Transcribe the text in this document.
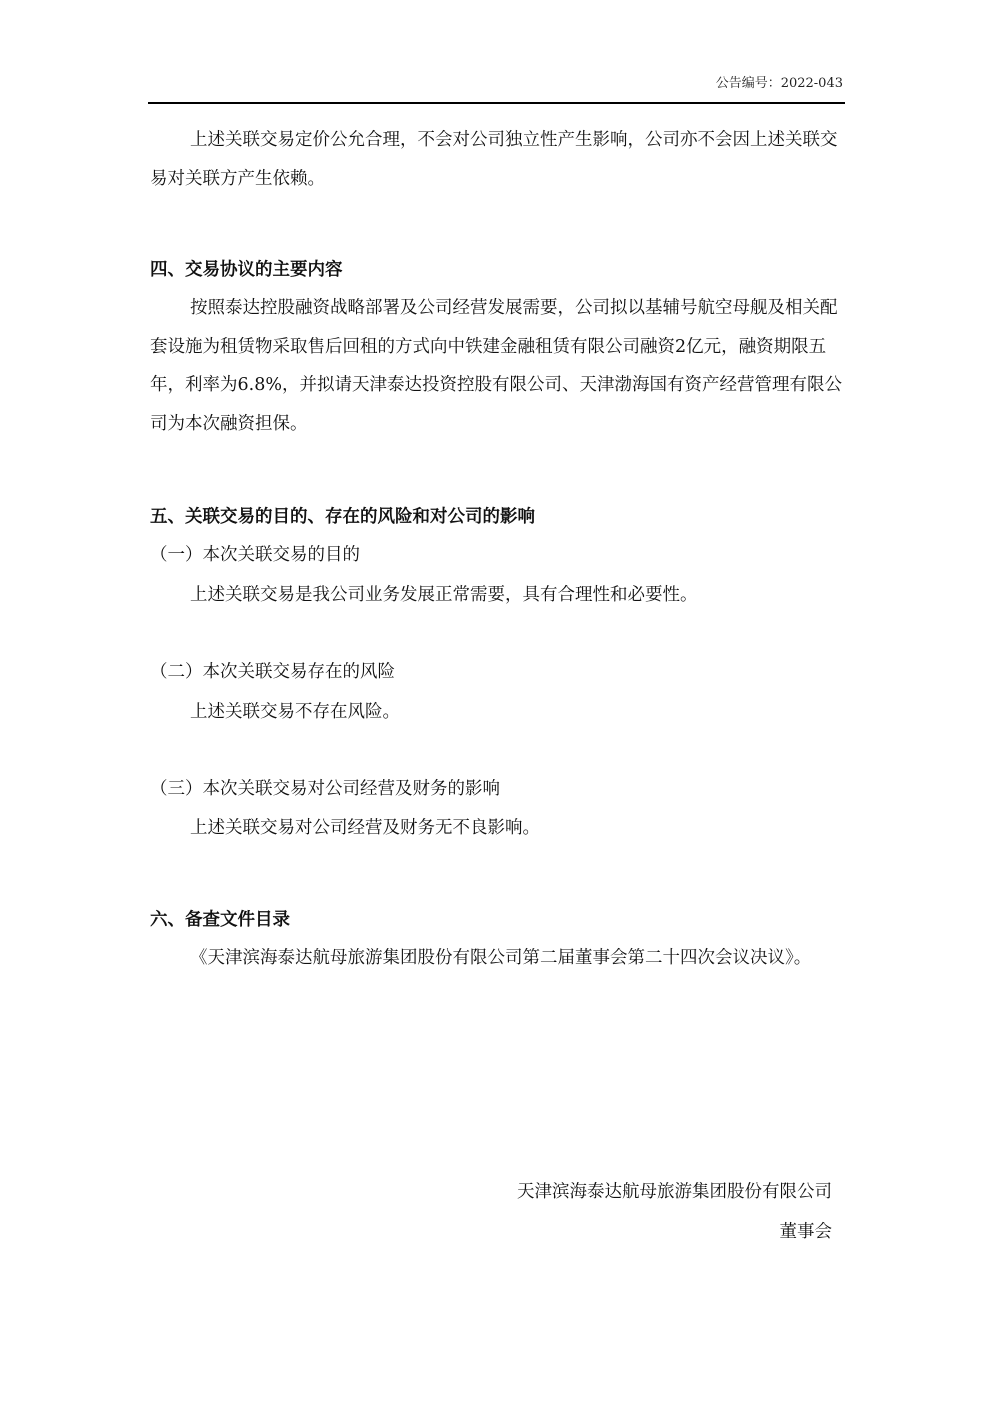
公告编号：2022-043
上述关联交易定价公允合理，不会对公司独立性产生影响，公司亦不会因上述关联交易对关联方产生依赖。
四、交易协议的主要内容
按照泰达控股融资战略部署及公司经营发展需要，公司拟以基辅号航空母舰及相关配套设施为租赁物采取售后回租的方式向中铁建金融租赁有限公司融资2亿元，融资期限五年，利率为6.8%，并拟请天津泰达投资控股有限公司、天津渤海国有资产经营管理有限公司为本次融资担保。
五、关联交易的目的、存在的风险和对公司的影响
（一）本次关联交易的目的
上述关联交易是我公司业务发展正常需要，具有合理性和必要性。
（二）本次关联交易存在的风险
上述关联交易不存在风险。
（三）本次关联交易对公司经营及财务的影响
上述关联交易对公司经营及财务无不良影响。
六、备查文件目录
《天津滨海泰达航母旅游集团股份有限公司第二届董事会第二十四次会议决议》。
天津滨海泰达航母旅游集团股份有限公司
董事会
